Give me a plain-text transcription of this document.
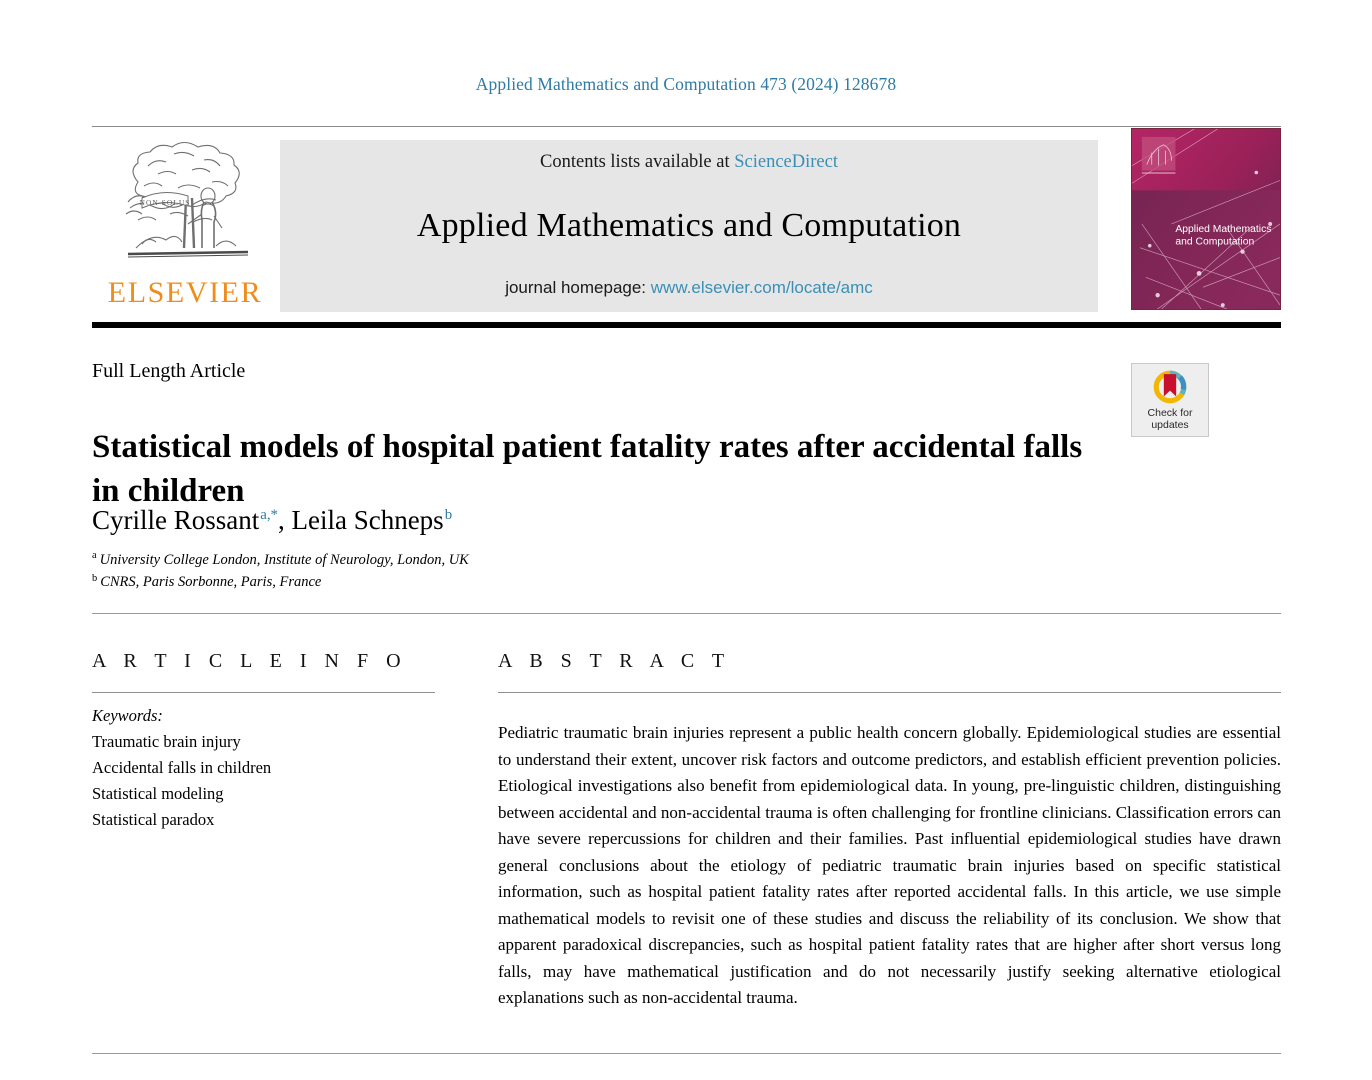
Applied Mathematics and Computation 473 (2024) 128678
NON SOLUS
ELSEVIER
Contents lists available at ScienceDirect
Applied Mathematics and Computation
journal homepage: www.elsevier.com/locate/amc
Applied Mathematics
and Computation
Full Length Article
Check for
updates
Statistical models of hospital patient fatality rates after accidental falls in children
Cyrille Rossant$^{a,*}$, Leila Schneps$^b$
$^a$ University College London, Institute of Neurology, London, UK
$^b$ CNRS, Paris Sorbonne, Paris, France
A R T I C L E I N F O	A B S T R A C T
Keywords:
Traumatic brain injury
Accidental falls in children
Statistical modeling
Statistical paradox

Pediatric traumatic brain injuries represent a public health concern globally. Epidemiological studies are essential to understand their extent, uncover risk factors and outcome predictors, and establish efficient prevention policies. Etiological investigations also benefit from epidemiological data. In young, pre-linguistic children, distinguishing between accidental and non-accidental trauma is often challenging for frontline clinicians. Classification errors can have severe repercussions for children and their families. Past influential epidemiological studies have drawn general conclusions about the etiology of pediatric traumatic brain injuries based on specific statistical information, such as hospital patient fatality rates after reported accidental falls. In this article, we use simple mathematical models to revisit one of these studies and discuss the reliability of its conclusion. We show that apparent paradoxical discrepancies, such as hospital patient fatality rates that are higher after short versus long falls, may have mathematical justification and do not necessarily justify seeking alternative etiological explanations such as non-accidental trauma.
